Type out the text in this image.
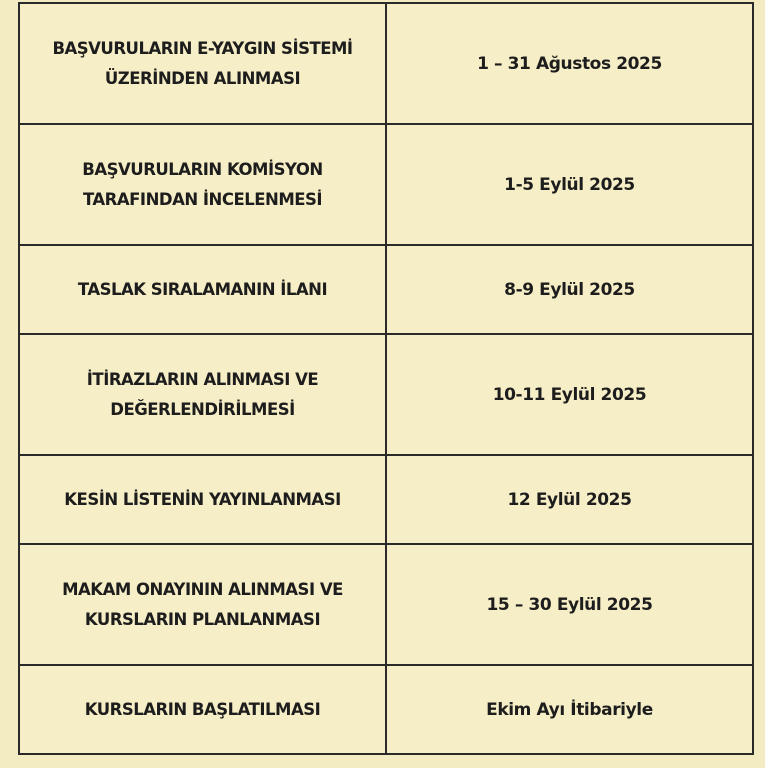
BAŞVURULARIN E-YAYGIN SİSTEMİ ÜZERİNDEN ALINMASI	1 – 31 Ağustos 2025

BAŞVURULARIN KOMİSYON TARAFINDAN İNCELENMESİ	1-5 Eylül 2025

TASLAK SIRALAMANIN İLANI	8-9 Eylül 2025

İTİRAZLARIN ALINMASI VE DEĞERLENDİRİLMESİ	10-11 Eylül 2025

KESİN LİSTENİN YAYINLANMASI	12 Eylül 2025

MAKAM ONAYININ ALINMASI VE KURSLARIN PLANLANMASI	15 – 30 Eylül 2025

KURSLARIN BAŞLATILMASI	Ekim Ayı İtibariyle
